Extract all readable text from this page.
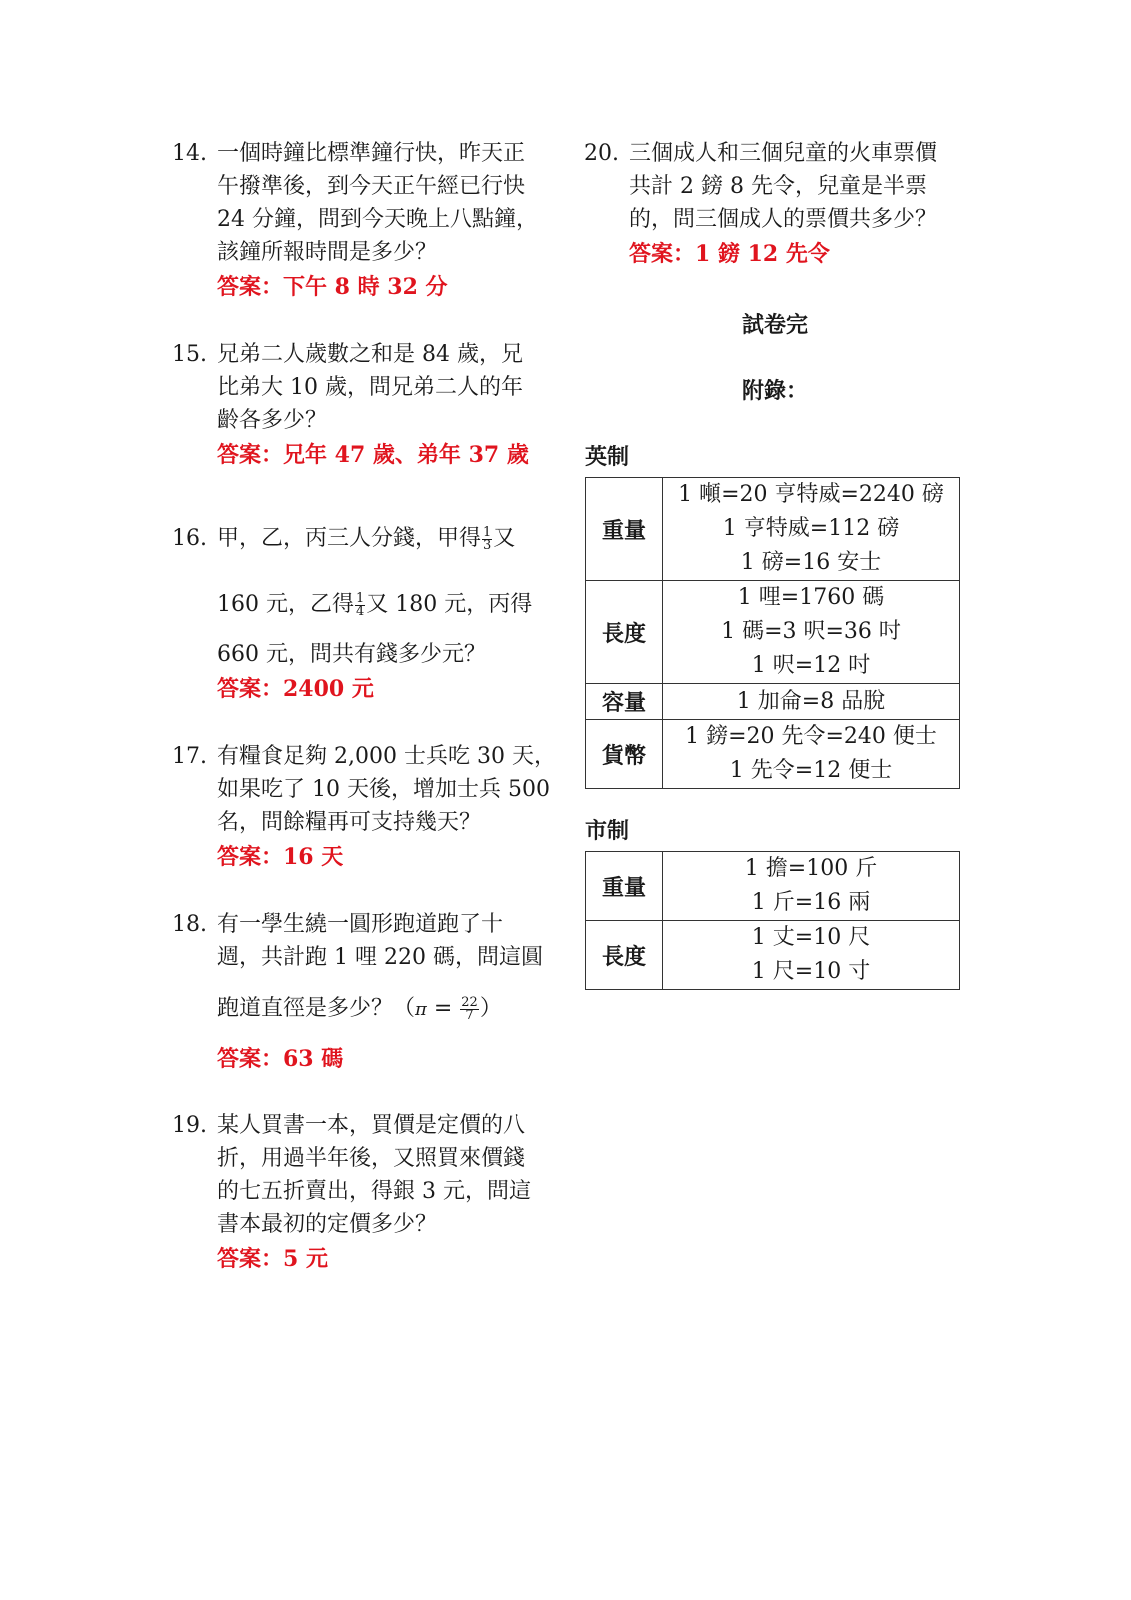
14. 一個時鐘比標準鐘行快，昨天正
午撥準後，到今天正午經已行快
24 分鐘，問到今天晚上八點鐘，
該鐘所報時間是多少？
答案：下午 8 時 32 分
15. 兄弟二人歲數之和是 84 歲，兄
比弟大 10 歲，問兄弟二人的年
齡各多少？
答案：兄年 47 歲、弟年 37 歲
16. 甲，乙，丙三人分錢，甲得 $\frac{1}{3}$ 又
160 元，乙得 $\frac{1}{4}$ 又 180 元，丙得
660 元，問共有錢多少元？
答案：2400 元
17. 有糧食足夠 2,000 士兵吃 30 天，
如果吃了 10 天後，增加士兵 500
名，問餘糧再可支持幾天？
答案：16 天
18. 有一學生繞一圓形跑道跑了十
週，共計跑 1 哩 220 碼，問這圓
跑道直徑是多少？（$\pi = \frac{22}{7}$ ）
答案：63 碼
19. 某人買書一本，買價是定價的八
折，用過半年後，又照買來價錢
的七五折賣出，得銀 3 元，問這
書本最初的定價多少？
答案：5 元
20. 三個成人和三個兒童的火車票價
共計 2 鎊 8 先令，兒童是半票
的，問三個成人的票價共多少？
答案：1 鎊 12 先令
試卷完
附錄：
英制
重量	1 噸=20 亨特威=2240 磅
1 亨特威=112 磅
1 磅=16 安士

長度	1 哩=1760 碼
1 碼=3 呎=36 吋
1 呎=12 吋

容量	1 加侖=8 品脫

貨幣	1 鎊=20 先令=240 便士
1 先令=12 便士
市制
重量	1 擔=100 斤
1 斤=16 兩

長度	1 丈=10 尺
1 尺=10 寸
